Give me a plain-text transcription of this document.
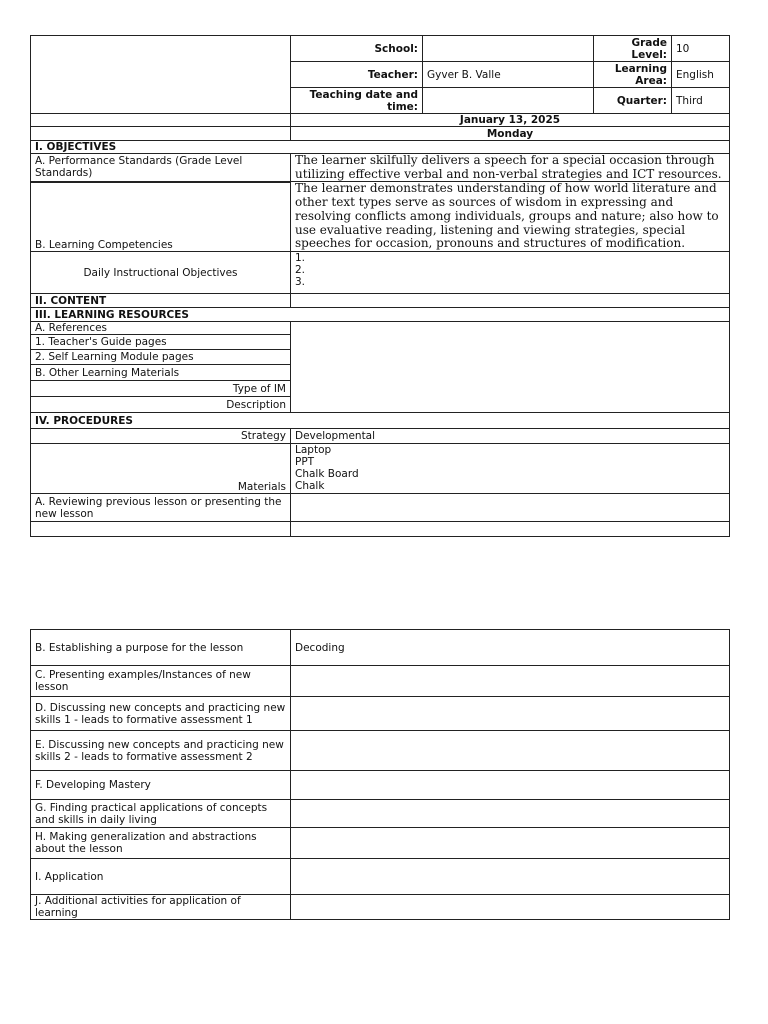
	School:		Grade Level:	10
	Teacher:	Gyver B. Valle	Learning Area:	English
	Teaching date and time:		Quarter:	Third
	January 13, 2025			
	Monday			
I. OBJECTIVES				
A. Performance Standards (Grade Level Standards)	The learner skilfully delivers a speech for a special occasion through utilizing effective verbal and non-verbal strategies and ICT resources.			
B. Learning Competencies	The learner demonstrates understanding of how world literature and other text types serve as sources of wisdom in expressing and resolving conflicts among individuals, groups and nature; also how to use evaluative reading, listening and viewing strategies, special speeches for occasion, pronouns and structures of modification.			
Daily Instructional Objectives	1.
2.
3.			

II. CONTENT				
III. LEARNING RESOURCES				
A. References				
1. Teacher's Guide pages				
2. Self Learning Module pages				
B. Other Learning Materials				
Type of IM				
Description				
IV. PROCEDURES				
Strategy	Developmental			
Materials	Laptop
PPT
Chalk Board
Chalk			

A. Reviewing previous lesson or presenting the new lesson				

B. Establishing a purpose for the lesson	Decoding
C. Presenting examples/Instances of new lesson	
D. Discussing new concepts and practicing new skills 1 - leads to formative assessment 1	
E. Discussing new concepts and practicing new skills 2 - leads to formative assessment 2	
F. Developing Mastery	
G. Finding practical applications of concepts and skills in daily living	
H. Making generalization and abstractions about the lesson	
I. Application	
J. Additional activities for application of learning	
